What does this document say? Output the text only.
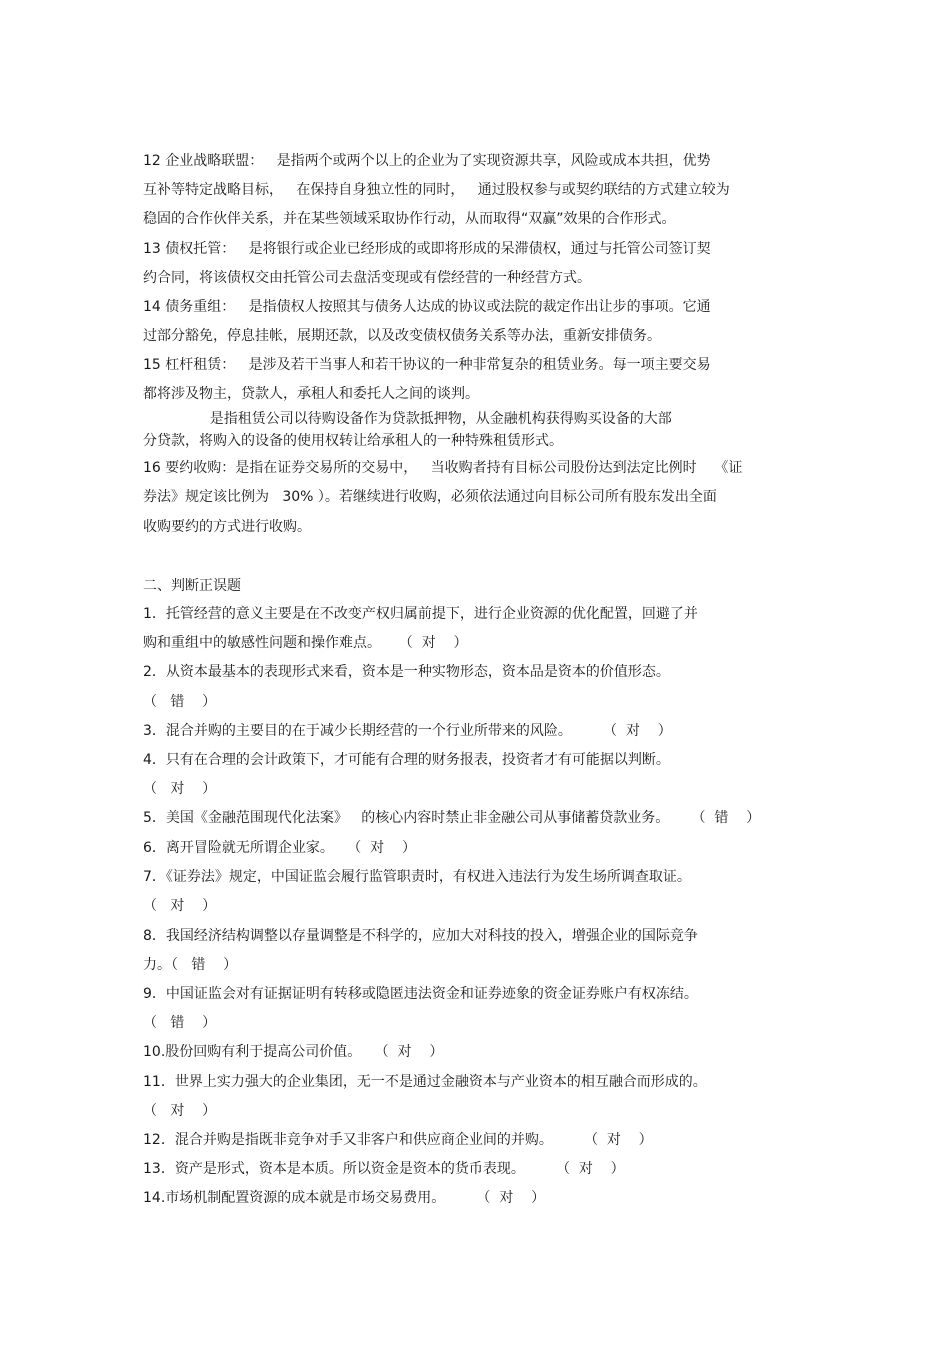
12 企业战略联盟：   是指两个或两个以上的企业为了实现资源共享，风险或成本共担，优势
互补等特定战略目标，   在保持自身独立性的同时，   通过股权参与或契约联结的方式建立较为
稳固的合作伙伴关系，并在某些领域采取协作行动，从而取得“双赢”效果的合作形式。
13 债权托管：   是将银行或企业已经形成的或即将形成的呆滞债权，通过与托管公司签订契
约合同，将该债权交由托管公司去盘活变现或有偿经营的一种经营方式。
14 债务重组：   是指债权人按照其与债务人达成的协议或法院的裁定作出让步的事项。它通
过部分豁免，停息挂帐，展期还款，以及改变债权债务关系等办法，重新安排债务。
15 杠杆租赁：   是涉及若干当事人和若干协议的一种非常复杂的租赁业务。每一项主要交易
都将涉及物主，贷款人，承租人和委托人之间的谈判。
是指租赁公司以待购设备作为贷款抵押物，从金融机构获得购买设备的大部
分贷款，将购入的设备的使用权转让给承租人的一种特殊租赁形式。
16 要约收购：是指在证券交易所的交易中，   当收购者持有目标公司股份达到法定比例时    《证
券法》规定该比例为   30% ）。若继续进行收购，必须依法通过向目标公司所有股东发出全面
收购要约的方式进行收购。
二、判断正误题
1．托管经营的意义主要是在不改变产权归属前提下，进行企业资源的优化配置，回避了并
购和重组中的敏感性问题和操作难点。    （  对    ）
2．从资本最基本的表现形式来看，资本是一种实物形态，资本品是资本的价值形态。
（   错    ）
3．混合并购的主要目的在于减少长期经营的一个行业所带来的风险。       （  对    ）
4．只有在合理的会计政策下，才可能有合理的财务报表，投资者才有可能据以判断。
（   对    ）
5．美国《金融范围现代化法案》   的核心内容时禁止非金融公司从事储蓄贷款业务。     （  错    ）
6．离开冒险就无所谓企业家。   （  对    ）
7．《证券法》规定，中国证监会履行监管职责时，有权进入违法行为发生场所调查取证。
（   对    ）
8．我国经济结构调整以存量调整是不科学的，应加大对科技的投入，增强企业的国际竞争
力。（   错    ）
9．中国证监会对有证据证明有转移或隐匿违法资金和证券迹象的资金证券账户有权冻结。
（   错    ）
10.股份回购有利于提高公司价值。   （  对    ）
11．世界上实力强大的企业集团，无一不是通过金融资本与产业资本的相互融合而形成的。
（   对    ）
12．混合并购是指既非竞争对手又非客户和供应商企业间的并购。       （  对    ）
13．资产是形式，资本是本质。所以资金是资本的货币表现。       （  对    ）
14.市场机制配置资源的成本就是市场交易费用。       （  对    ）
